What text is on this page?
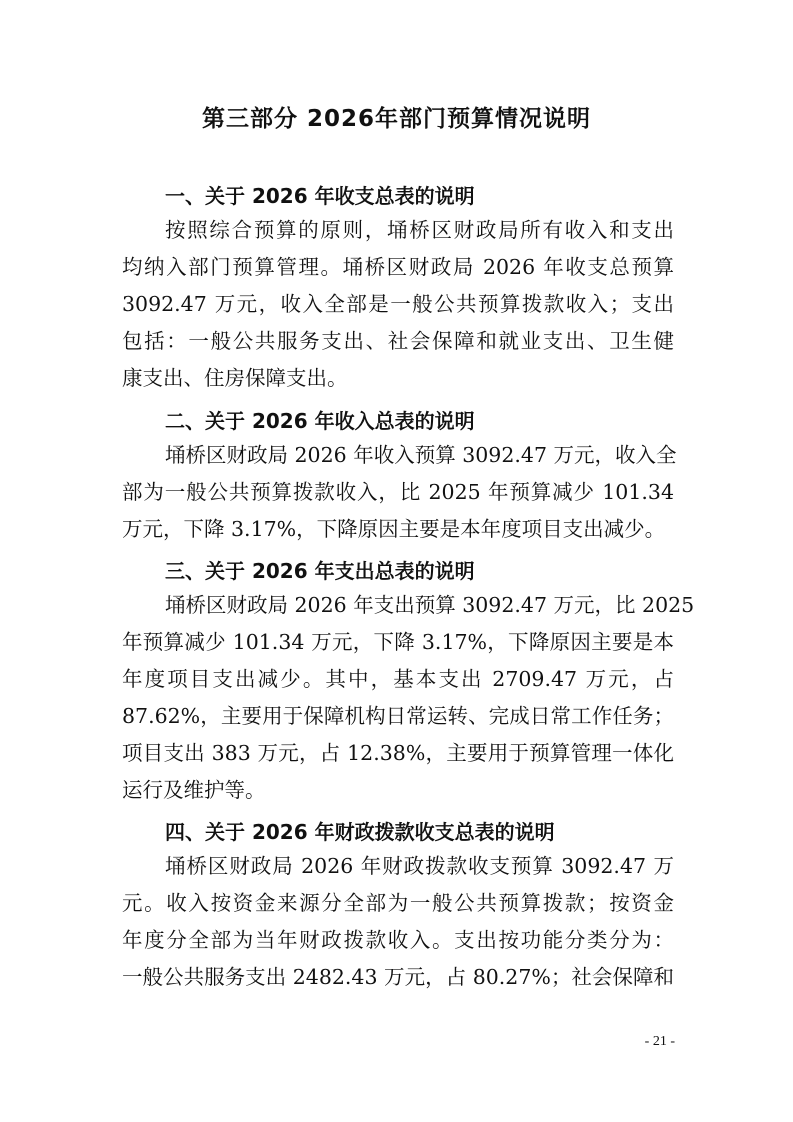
第三部分 2026年部门预算情况说明
一、关于 2026 年收支总表的说明
按照综合预算的原则，埇桥区财政局所有收入和支出
均纳入部门预算管理。埇桥区财政局 2026 年收支总预算
3092.47 万元，收入全部是一般公共预算拨款收入；支出
包括：一般公共服务支出、社会保障和就业支出、卫生健
康支出、住房保障支出。
二、关于 2026 年收入总表的说明
埇桥区财政局 2026 年收入预算 3092.47 万元，收入全
部为一般公共预算拨款收入，比 2025 年预算减少 101.34
万元，下降 3.17%，下降原因主要是本年度项目支出减少。
三、关于 2026 年支出总表的说明
埇桥区财政局 2026 年支出预算 3092.47 万元，比 2025
年预算减少 101.34 万元，下降 3.17%，下降原因主要是本
年度项目支出减少。其中，基本支出 2709.47 万元，占
87.62%，主要用于保障机构日常运转、完成日常工作任务；
项目支出 383 万元，占 12.38%，主要用于预算管理一体化
运行及维护等。
四、关于 2026 年财政拨款收支总表的说明
埇桥区财政局 2026 年财政拨款收支预算 3092.47 万
元。收入按资金来源分全部为一般公共预算拨款；按资金
年度分全部为当年财政拨款收入。支出按功能分类分为：
一般公共服务支出 2482.43 万元，占 80.27%；社会保障和
- 21 -
